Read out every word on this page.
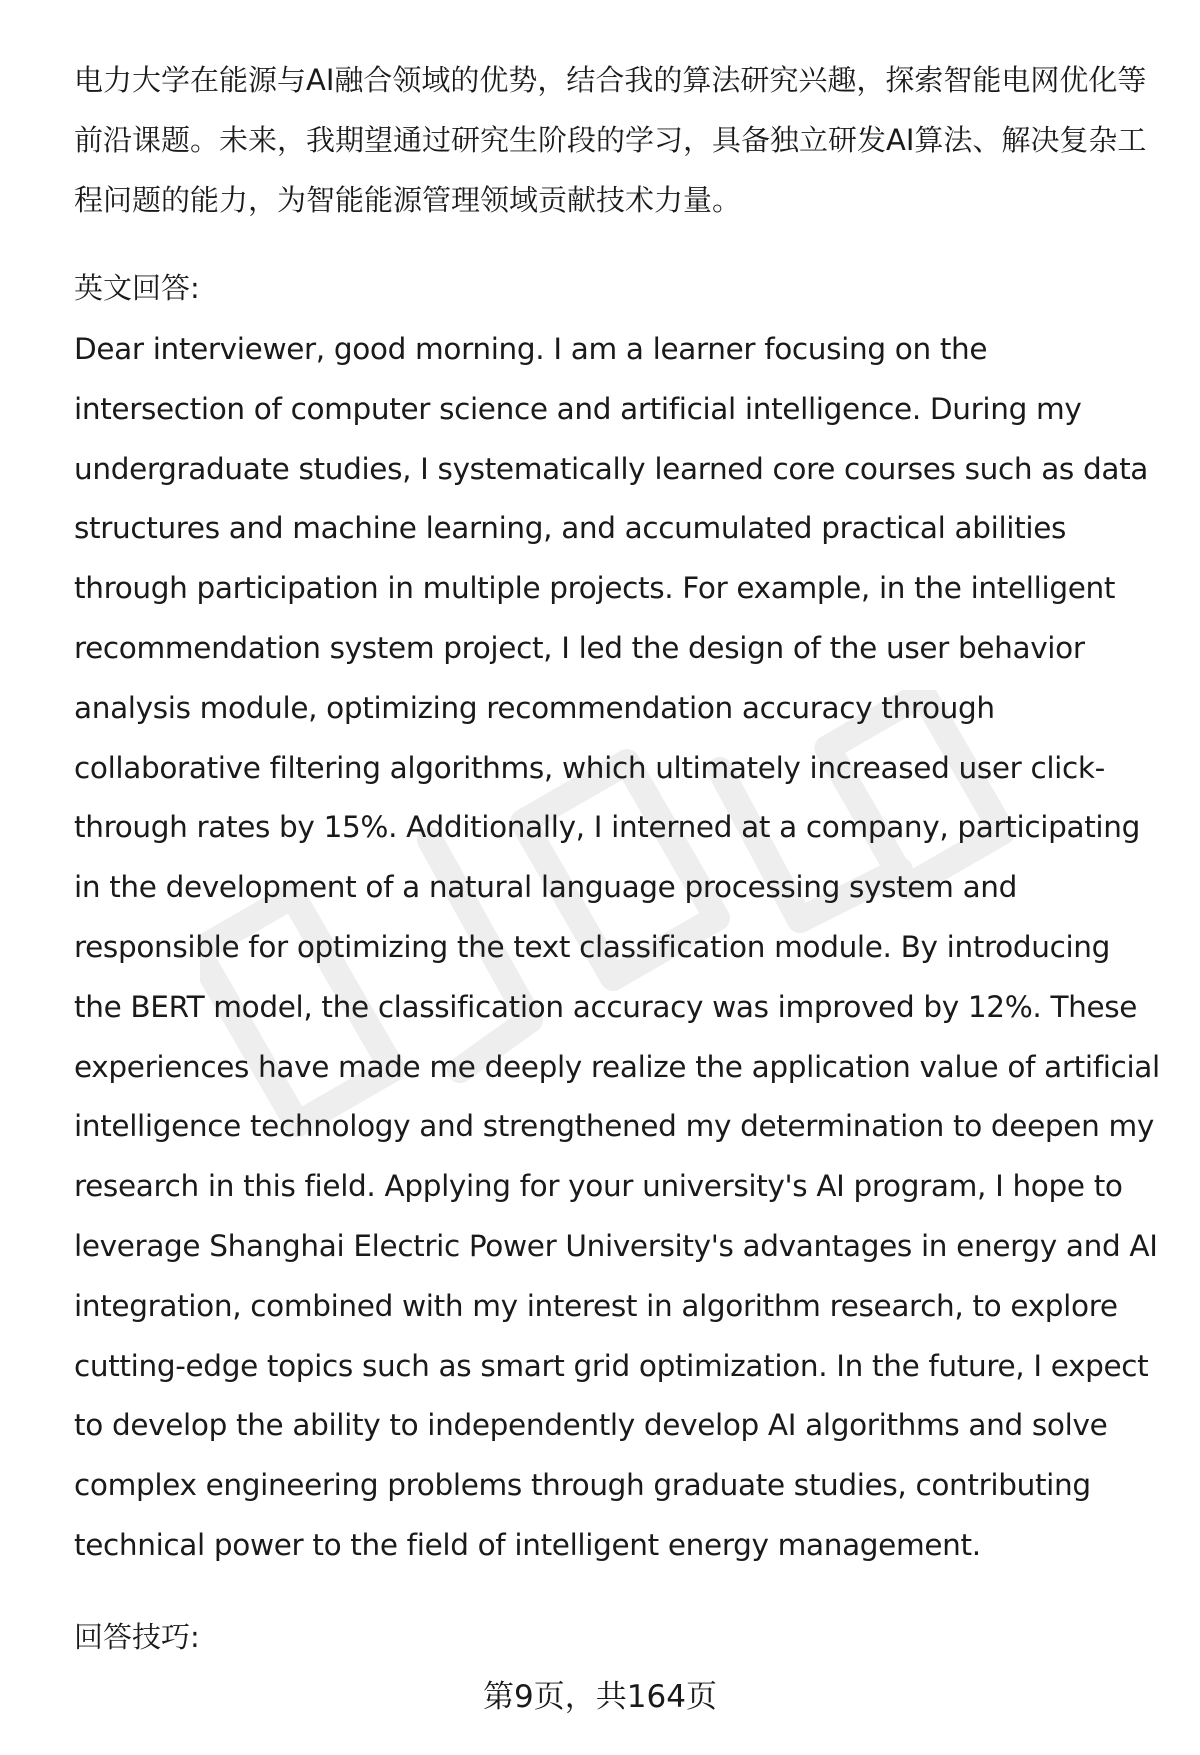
电力大学在能源与AI融合领域的优势，结合我的算法研究兴趣，探索智能电网优化等前沿课题。未来，我期望通过研究生阶段的学习，具备独立研发AI算法、解决复杂工程问题的能力，为智能能源管理领域贡献技术力量。

英文回答:

Dear interviewer, good morning. I am a learner focusing on the intersection of computer science and artificial intelligence. During my undergraduate studies, I systematically learned core courses such as data structures and machine learning, and accumulated practical abilities through participation in multiple projects. For example, in the intelligent recommendation system project, I led the design of the user behavior analysis module, optimizing recommendation accuracy through collaborative filtering algorithms, which ultimately increased user click-through rates by 15%. Additionally, I interned at a company, participating in the development of a natural language processing system and responsible for optimizing the text classification module. By introducing the BERT model, the classification accuracy was improved by 12%. These experiences have made me deeply realize the application value of artificial intelligence technology and strengthened my determination to deepen my research in this field. Applying for your university's AI program, I hope to leverage Shanghai Electric Power University's advantages in energy and AI integration, combined with my interest in algorithm research, to explore cutting-edge topics such as smart grid optimization. In the future, I expect to develop the ability to independently develop AI algorithms and solve complex engineering problems through graduate studies, contributing technical power to the field of intelligent energy management.

回答技巧:

第9页，共164页
